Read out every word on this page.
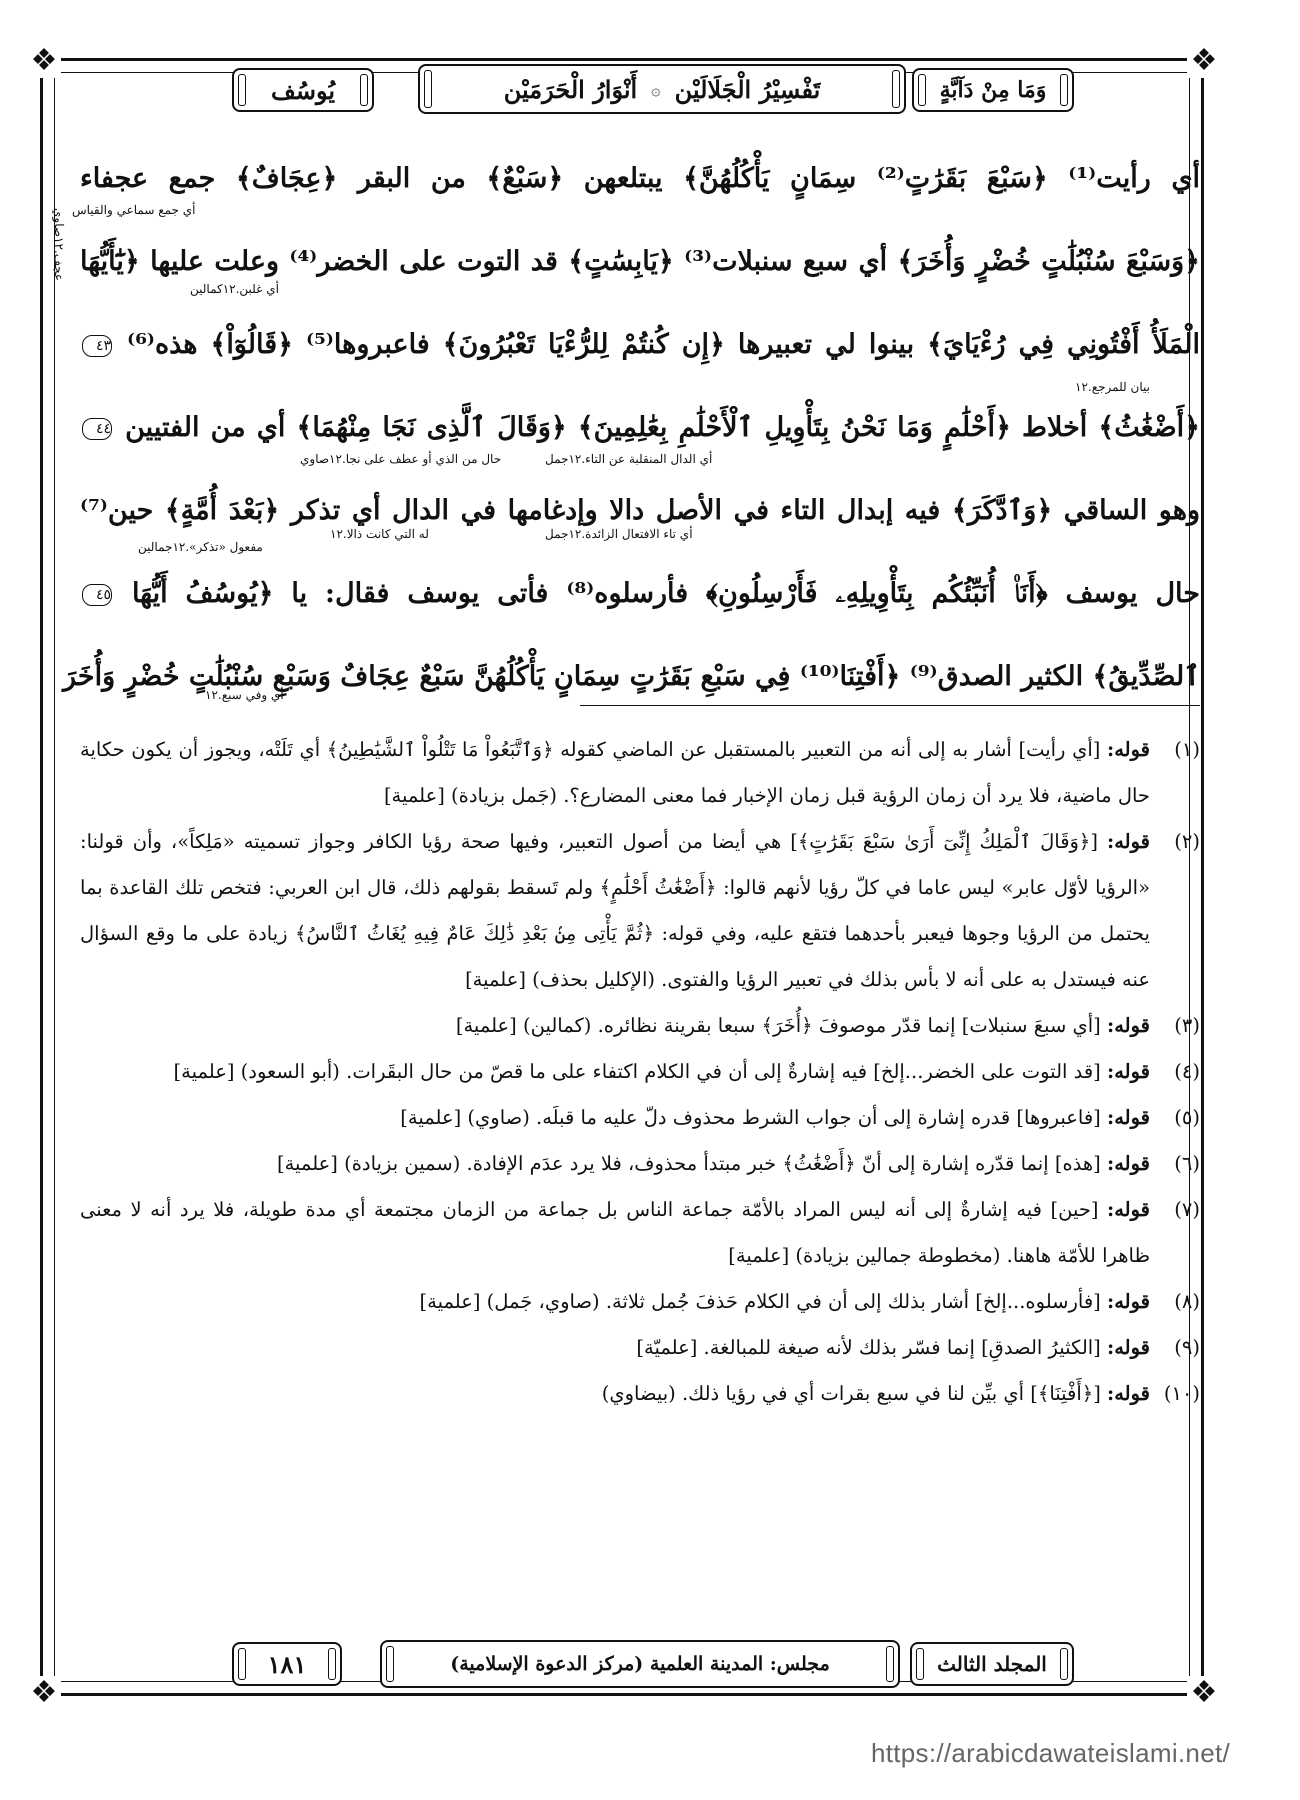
❖	❖
❖	❖
يُوسُف	تَفْسِيْرُ الْجَلَالَيْن
۞
أَنْوَارُ الْحَرَمَيْن	وَمَا مِنْ دَآبَّةٍ
عجف.١٢صاوي
أي رأيت⁽¹⁾ ﴿سَبْعَ بَقَرَٰتٍ⁽²⁾ سِمَانٍ يَأْكُلُهُنَّ﴾ يبتلعهن ﴿سَبْعٌ﴾ من البقر ﴿عِجَافٌ﴾ جمع عجفاء
﴿وَسَبْعَ سُنْبُلَٰتٍ خُضْرٍ وَأُخَرَ﴾ أي سبع سنبلات⁽³⁾ ﴿يَابِسَٰتٍ﴾ قد التوت على الخضر⁽⁴⁾ وعلت عليها ﴿يَٰٓأَيُّهَا
الْمَلَأُ أَفْتُونِي فِي رُءْيَايَ﴾ بينوا لي تعبيرها ﴿إِن كُنتُمْ لِلرُّءْيَا تَعْبُرُونَ﴾ فاعبروها⁽⁵⁾ ﴿قَالُوٓاْ﴾ هذه⁽⁶⁾ ٤٣
﴿أَضْغَٰثُ﴾ أخلاط ﴿أَحْلَٰمٍ وَمَا نَحْنُ بِتَأْوِيلِ ٱلْأَحْلَٰمِ بِعَٰلِمِينَ﴾ ﴿وَقَالَ ٱلَّذِى نَجَا مِنْهُمَا﴾ أي من الفتيين ٤٤
وهو الساقي ﴿وَٱدَّكَرَ﴾ فيه إبدال التاء في الأصل دالا وإدغامها في الدال أي تذكر ﴿بَعْدَ أُمَّةٍ﴾ حين⁽⁷⁾
حال يوسف ﴿أَنَا۠ أُنَبِّئُكُم بِتَأْوِيلِهِۦ فَأَرْسِلُونِ﴾ فأرسلوه⁽⁸⁾ فأتى يوسف فقال: يا ﴿يُوسُفُ أَيُّهَا ٤٥
ٱلصِّدِّيقُ﴾ الكثير الصدق⁽⁹⁾ ﴿أَفْتِنَا⁽¹⁰⁾ فِي سَبْعِ بَقَرَٰتٍ سِمَانٍ يَأْكُلُهُنَّ سَبْعٌ عِجَافٌ وَسَبْعِ سُنْبُلَٰتٍ خُضْرٍ وَأُخَرَ
أي جمع سماعي والقياس
أي غلبن.١٢كمالين
بيان للمرجع.١٢
حال من الذي أو عطف على نجا.١٢صاوي	أي الدال المنقلبة عن التاء.١٢جمل
أي تاء الافتعال الزائدة.١٢جمل
له التي كانت ذالا.١٢
مفعول «تذكر».١٢جمالين
أي وفي سبع.١٢
(١)
قوله: [أي رأيت] أشار به إلى أنه من التعبير بالمستقبل عن الماضي كقوله ﴿وَٱتَّبَعُواْ مَا تَتْلُواْ ٱلشَّيَٰطِينُ﴾ أي تَلَتْه، ويجوز أن يكون حكاية حال ماضية، فلا يرد أن زمان الرؤية قبل زمان الإخبار فما معنى المضارع؟. (جَمل بزيادة) [علمية]
(٢)
قوله: [﴿وَقَالَ ٱلْمَلِكُ إِنِّىٓ أَرَىٰ سَبْعَ بَقَرَٰتٍ﴾] هي أيضا من أصول التعبير، وفيها صحة رؤيا الكافر وجواز تسميته «مَلِكاً»، وأن قولنا: «الرؤيا لأوّل عابر» ليس عاما في كلّ رؤيا لأنهم قالوا: ﴿أَضْغَٰثُ أَحْلَٰمٍ﴾ ولم تَسقط بقولهم ذلك، قال ابن العربي: فتخص تلك القاعدة بما يحتمل من الرؤيا وجوها فيعبر بأحدهما فتقع عليه، وفي قوله: ﴿ثُمَّ يَأْتِى مِنۢ بَعْدِ ذَٰلِكَ عَامٌ فِيهِ يُغَاثُ ٱلنَّاسُ﴾ زيادة على ما وقع السؤال عنه فيستدل به على أنه لا بأس بذلك في تعبير الرؤيا والفتوى. (الإكليل بحذف) [علمية]
(٣)
قوله: [أي سبعَ سنبلات] إنما قدّر موصوفَ ﴿أُخَرَ﴾ سبعا بقرينة نظائره. (كمالين) [علمية]
(٤)
قوله: [قد التوت على الخضر...إلخ] فيه إشارةٌ إلى أن في الكلام اكتفاء على ما قصّ من حال البقَرات. (أبو السعود) [علمية]
(٥)
قوله: [فاعبروها] قدره إشارة إلى أن جواب الشرط محذوف دلّ عليه ما قبلَه. (صاوي) [علمية]
(٦)
قوله: [هذه] إنما قدّره إشارة إلى أنّ ﴿أَضْغَٰثُ﴾ خبر مبتدأ محذوف، فلا يرد عدَم الإفادة. (سمين بزيادة) [علمية]
(٧)
قوله: [حين] فيه إشارةٌ إلى أنه ليس المراد بالأمّة جماعة الناس بل جماعة من الزمان مجتمعة أي مدة طويلة، فلا يرد أنه لا معنى ظاهرا للأمّة هاهنا. (مخطوطة جمالين بزيادة) [علمية]
(٨)
قوله: [فأرسلوه...إلخ] أشار بذلك إلى أن في الكلام حَذفَ جُمل ثلاثة. (صاوي، جَمل) [علمية]
(٩)
قوله: [الكثيرُ الصدقِ] إنما فسّر بذلك لأنه صيغة للمبالغة. [علميّة]
(١٠)
قوله: [﴿أَفْتِنَا﴾] أي بيِّن لنا في سبع بقرات أي في رؤيا ذلك. (بيضاوي)
١٨١	مجلس: المدينة العلمية (مركز الدعوة الإسلامية)	المجلد الثالث
https://arabicdawateislami.net/
